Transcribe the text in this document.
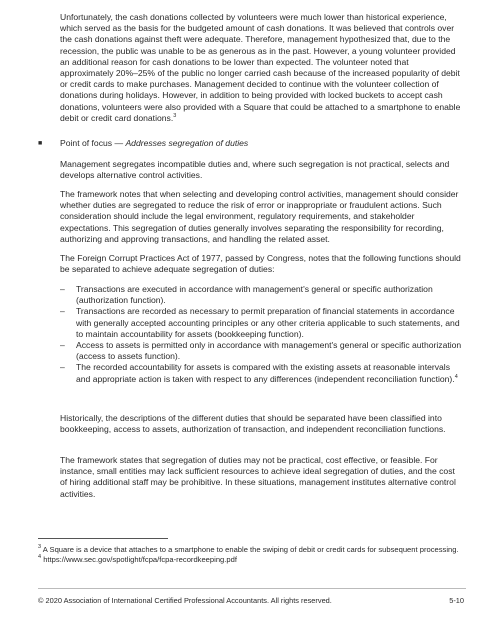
Unfortunately, the cash donations collected by volunteers were much lower than historical experience, which served as the basis for the budgeted amount of cash donations. It was believed that controls over the cash donations against theft were adequate. Therefore, management hypothesized that, due to the recession, the public was unable to be as generous as in the past. However, a young volunteer provided an additional reason for cash donations to be lower than expected. The volunteer noted that approximately 20%–25% of the public no longer carried cash because of the increased popularity of debit or credit cards to make purchases. Management decided to continue with the volunteer collection of donations during holidays. However, in addition to being provided with locked buckets to accept cash donations, volunteers were also provided with a Square that could be attached to a smartphone to enable debit or credit card donations.$^3$

■ Point of focus — Addresses segregation of duties

Management segregates incompatible duties and, where such segregation is not practical, selects and develops alternative control activities.

The framework notes that when selecting and developing control activities, management should consider whether duties are segregated to reduce the risk of error or inappropriate or fraudulent actions. Such consideration should include the legal environment, regulatory requirements, and stakeholder expectations. This segregation of duties generally involves separating the responsibility for recording, authorizing and approving transactions, and handling the related asset.

The Foreign Corrupt Practices Act of 1977, passed by Congress, notes that the following functions should be separated to achieve adequate segregation of duties:

– Transactions are executed in accordance with management's general or specific authorization (authorization function).
– Transactions are recorded as necessary to permit preparation of financial statements in accordance with generally accepted accounting principles or any other criteria applicable to such statements, and to maintain accountability for assets (bookkeeping function).
– Access to assets is permitted only in accordance with management's general or specific authorization (access to assets function).
– The recorded accountability for assets is compared with the existing assets at reasonable intervals and appropriate action is taken with respect to any differences (independent reconciliation function).$^4$

Historically, the descriptions of the different duties that should be separated have been classified into bookkeeping, access to assets, authorization of transaction, and independent reconciliation functions.

The framework states that segregation of duties may not be practical, cost effective, or feasible. For instance, small entities may lack sufficient resources to achieve ideal segregation of duties, and the cost of hiring additional staff may be prohibitive. In these situations, management institutes alternative control activities.

$^3$ A Square is a device that attaches to a smartphone to enable the swiping of debit or credit cards for subsequent processing.
$^4$ https://www.sec.gov/spotlight/fcpa/fcpa-recordkeeping.pdf
© 2020 Association of International Certified Professional Accountants. All rights reserved.	5-10
